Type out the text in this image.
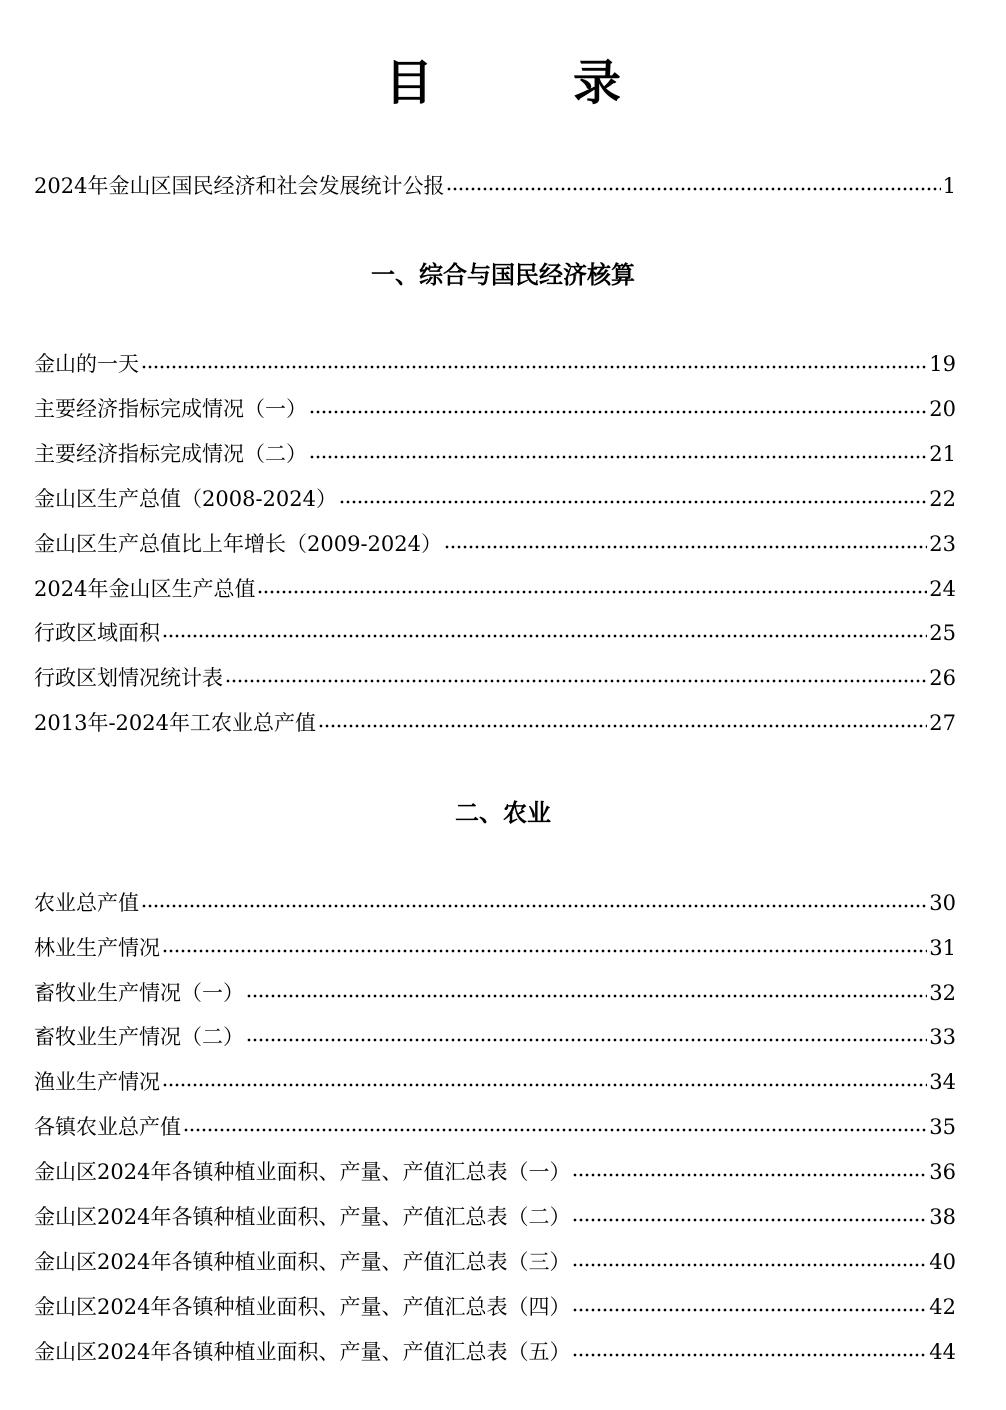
目　录
2024年金山区国民经济和社会发展统计公报	1
一、综合与国民经济核算
金山的一天	19
主要经济指标完成情况（一）	20
主要经济指标完成情况（二）	21
金山区生产总值（2008-2024）	22
金山区生产总值比上年增长（2009-2024）	23
2024年金山区生产总值	24
行政区域面积	25
行政区划情况统计表	26
2013年-2024年工农业总产值	27
二、农业
农业总产值	30
林业生产情况	31
畜牧业生产情况（一）	32
畜牧业生产情况（二）	33
渔业生产情况	34
各镇农业总产值	35
金山区2024年各镇种植业面积、产量、产值汇总表（一）	36
金山区2024年各镇种植业面积、产量、产值汇总表（二）	38
金山区2024年各镇种植业面积、产量、产值汇总表（三）	40
金山区2024年各镇种植业面积、产量、产值汇总表（四）	42
金山区2024年各镇种植业面积、产量、产值汇总表（五）	44
